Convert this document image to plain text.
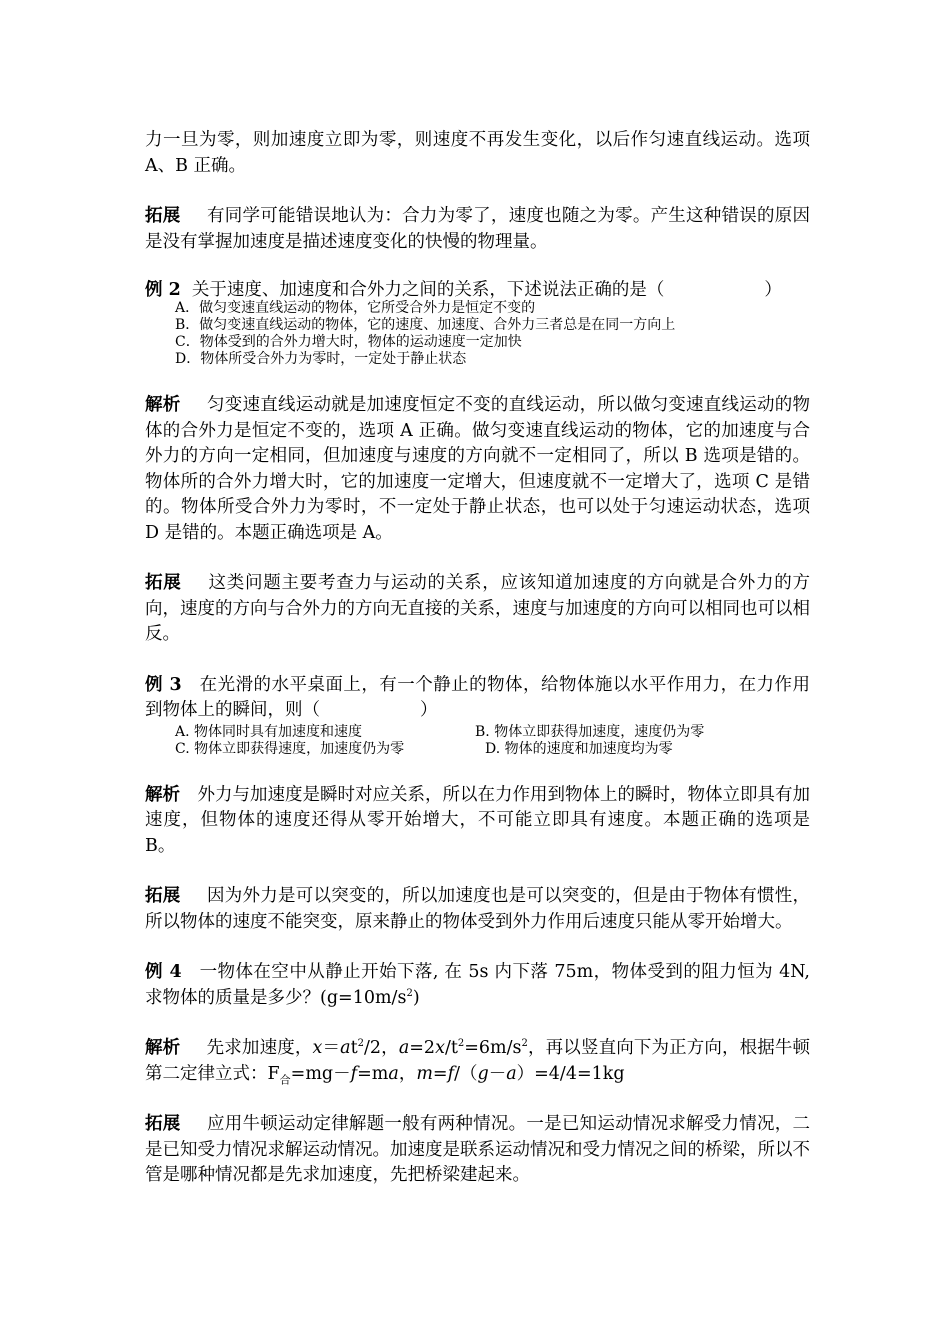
力一旦为零，则加速度立即为零，则速度不再发生变化，以后作匀速直线运动。选项 A、B 正确。

拓展   有同学可能错误地认为：合力为零了，速度也随之为零。产生这种错误的原因是没有掌握加速度是描述速度变化的快慢的物理量。

例 2 关于速度、加速度和合外力之间的关系，下述说法正确的是（	）

A．做匀变速直线运动的物体，它所受合外力是恒定不变的
B．做匀变速直线运动的物体，它的速度、加速度、合外力三者总是在同一方向上
C．物体受到的合外力增大时，物体的运动速度一定加快
D．物体所受合外力为零时，一定处于静止状态

解析   匀变速直线运动就是加速度恒定不变的直线运动，所以做匀变速直线运动的物体的合外力是恒定不变的，选项 A 正确。做匀变速直线运动的物体，它的加速度与合外力的方向一定相同，但加速度与速度的方向就不一定相同了，所以 B 选项是错的。物体所的合外力增大时，它的加速度一定增大，但速度就不一定增大了，选项 C 是错的。物体所受合外力为零时，不一定处于静止状态，也可以处于匀速运动状态，选项 D 是错的。本题正确选项是 A。

拓展   这类问题主要考查力与运动的关系，应该知道加速度的方向就是合外力的方向，速度的方向与合外力的方向无直接的关系，速度与加速度的方向可以相同也可以相反。

例 3  在光滑的水平桌面上，有一个静止的物体，给物体施以水平作用力，在力作用到物体上的瞬间，则（	）

A. 物体同时具有加速度和速度	B. 物体立即获得加速度，速度仍为零
C. 物体立即获得速度，加速度仍为零	D. 物体的速度和加速度均为零

解析   外力与加速度是瞬时对应关系，所以在力作用到物体上的瞬时，物体立即具有加速度，但物体的速度还得从零开始增大，不可能立即具有速度。本题正确的选项是 B。

拓展   因为外力是可以突变的，所以加速度也是可以突变的，但是由于物体有惯性，所以物体的速度不能突变，原来静止的物体受到外力作用后速度只能从零开始增大。

例 4   一物体在空中从静止开始下落, 在 5s 内下落 75m，物体受到的阻力恒为 4N, 求物体的质量是多少？$(g=10m/s^2)$

解析   先求加速度，$x=at^2/2$，$a=2x/t^2=6m/s^2$，再以竖直向下为正方向，根据牛顿第二定律立式：$F_合=mg-f=ma$，m=f/（g－a）=4/4=1kg

拓展   应用牛顿运动定律解题一般有两种情况。一是已知运动情况求解受力情况，二是已知受力情况求解运动情况。加速度是联系运动情况和受力情况之间的桥梁，所以不管是哪种情况都是先求加速度，先把桥梁建起来。
